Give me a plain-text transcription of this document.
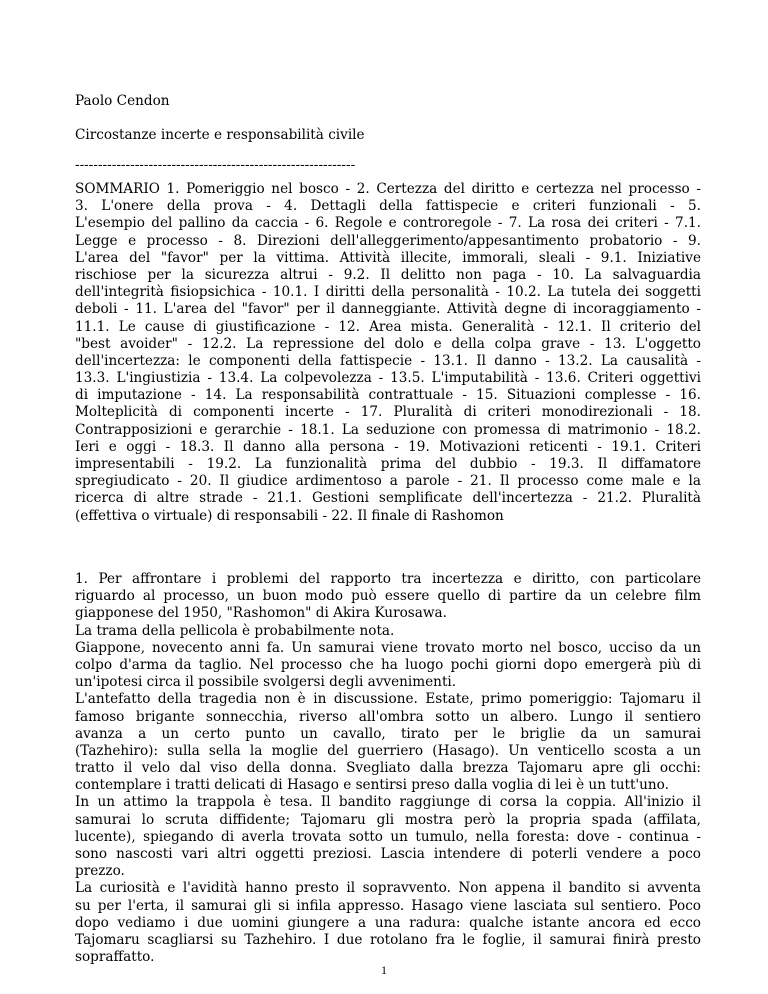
Paolo Cendon
Circostanze incerte e responsabilità civile
-------------------------------------------------------------
SOMMARIO 1. Pomeriggio nel bosco - 2. Certezza del diritto e certezza nel processo -
3. L'onere della prova - 4. Dettagli della fattispecie e criteri funzionali - 5.
L'esempio del pallino da caccia - 6. Regole e controregole - 7. La rosa dei criteri - 7.1.
Legge e processo - 8. Direzioni dell'alleggerimento/appesantimento probatorio - 9.
L'area del "favor" per la vittima. Attività illecite, immorali, sleali - 9.1. Iniziative
rischiose per la sicurezza altrui - 9.2. Il delitto non paga - 10. La salvaguardia
dell'integrità fisiopsichica - 10.1. I diritti della personalità - 10.2. La tutela dei soggetti
deboli - 11. L'area del "favor" per il danneggiante. Attività degne di incoraggiamento -
11.1. Le cause di giustificazione - 12. Area mista. Generalità - 12.1. Il criterio del
"best avoider" - 12.2. La repressione del dolo e della colpa grave - 13. L'oggetto
dell'incertezza: le componenti della fattispecie - 13.1. Il danno - 13.2. La causalità -
13.3. L'ingiustizia - 13.4. La colpevolezza - 13.5. L'imputabilità - 13.6. Criteri oggettivi
di imputazione - 14. La responsabilità contrattuale - 15. Situazioni complesse - 16.
Molteplicità di componenti incerte - 17. Pluralità di criteri monodirezionali - 18.
Contrapposizioni e gerarchie - 18.1. La seduzione con promessa di matrimonio - 18.2.
Ieri e oggi - 18.3. Il danno alla persona - 19. Motivazioni reticenti - 19.1. Criteri
impresentabili - 19.2. La funzionalità prima del dubbio - 19.3. Il diffamatore
spregiudicato - 20. Il giudice ardimentoso a parole - 21. Il processo come male e la
ricerca di altre strade - 21.1. Gestioni semplificate dell'incertezza - 21.2. Pluralità
(effettiva o virtuale) di responsabili - 22. Il finale di Rashomon
1. Per affrontare i problemi del rapporto tra incertezza e diritto, con particolare
riguardo al processo, un buon modo può essere quello di partire da un celebre film
giapponese del 1950, "Rashomon" di Akira Kurosawa.
La trama della pellicola è probabilmente nota.
Giappone, novecento anni fa. Un samurai viene trovato morto nel bosco, ucciso da un
colpo d'arma da taglio. Nel processo che ha luogo pochi giorni dopo emergerà più di
un'ipotesi circa il possibile svolgersi degli avvenimenti.
L'antefatto della tragedia non è in discussione. Estate, primo pomeriggio: Tajomaru il
famoso brigante sonnecchia, riverso all'ombra sotto un albero. Lungo il sentiero
avanza a un certo punto un cavallo, tirato per le briglie da un samurai
(Tazhehiro): sulla sella la moglie del guerriero (Hasago). Un venticello scosta a un
tratto il velo dal viso della donna. Svegliato dalla brezza Tajomaru apre gli occhi:
contemplare i tratti delicati di Hasago e sentirsi preso dalla voglia di lei è un tutt'uno.
In un attimo la trappola è tesa. Il bandito raggiunge di corsa la coppia. All'inizio il
samurai lo scruta diffidente; Tajomaru gli mostra però la propria spada (affilata,
lucente), spiegando di averla trovata sotto un tumulo, nella foresta: dove - continua -
sono nascosti vari altri oggetti preziosi. Lascia intendere di poterli vendere a poco
prezzo.
La curiosità e l'avidità hanno presto il sopravvento. Non appena il bandito si avventa
su per l'erta, il samurai gli si infila appresso. Hasago viene lasciata sul sentiero. Poco
dopo vediamo i due uomini giungere a una radura: qualche istante ancora ed ecco
Tajomaru scagliarsi su Tazhehiro. I due rotolano fra le foglie, il samurai finirà presto
sopraffatto.
1
